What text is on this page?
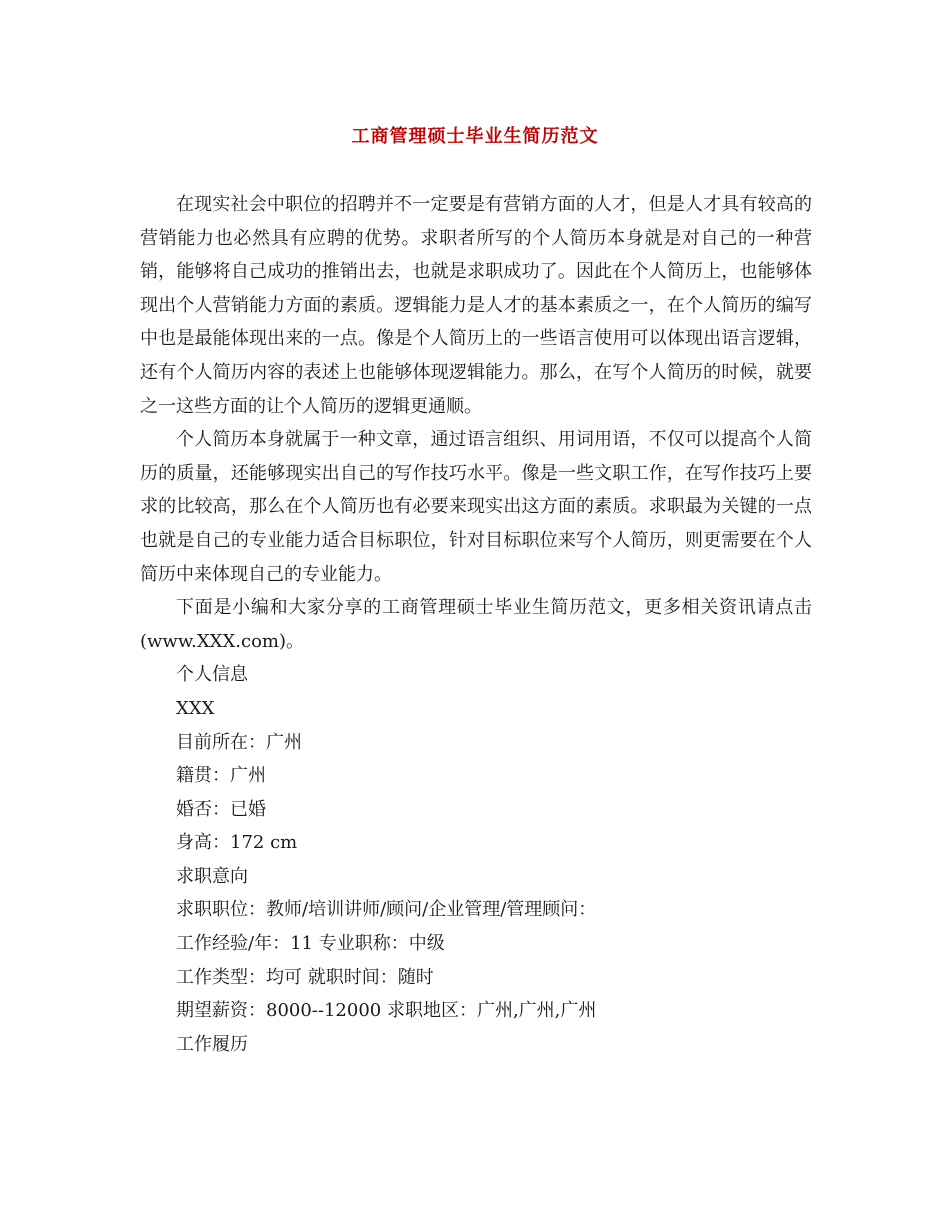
工商管理硕士毕业生简历范文

在现实社会中职位的招聘并不一定要是有营销方面的人才，但是人才具有较高的营销能力也必然具有应聘的优势。求职者所写的个人简历本身就是对自己的一种营销，能够将自己成功的推销出去，也就是求职成功了。因此在个人简历上，也能够体现出个人营销能力方面的素质。逻辑能力是人才的基本素质之一，在个人简历的编写中也是最能体现出来的一点。像是个人简历上的一些语言使用可以体现出语言逻辑，还有个人简历内容的表述上也能够体现逻辑能力。那么，在写个人简历的时候，就要之一这些方面的让个人简历的逻辑更通顺。

个人简历本身就属于一种文章，通过语言组织、用词用语，不仅可以提高个人简历的质量，还能够现实出自己的写作技巧水平。像是一些文职工作，在写作技巧上要求的比较高，那么在个人简历也有必要来现实出这方面的素质。求职最为关键的一点也就是自己的专业能力适合目标职位，针对目标职位来写个人简历，则更需要在个人简历中来体现自己的专业能力。

下面是小编和大家分享的工商管理硕士毕业生简历范文，更多相关资讯请点击(www.XXX.com)。

个人信息

XXX

目前所在：广州

籍贯：广州

婚否：已婚

身高：172 cm

求职意向

求职职位：教师/培训讲师/顾问/企业管理/管理顾问：

工作经验/年：11 专业职称：中级

工作类型：均可 就职时间：随时

期望薪资：8000--12000 求职地区：广州,广州,广州

工作履历
